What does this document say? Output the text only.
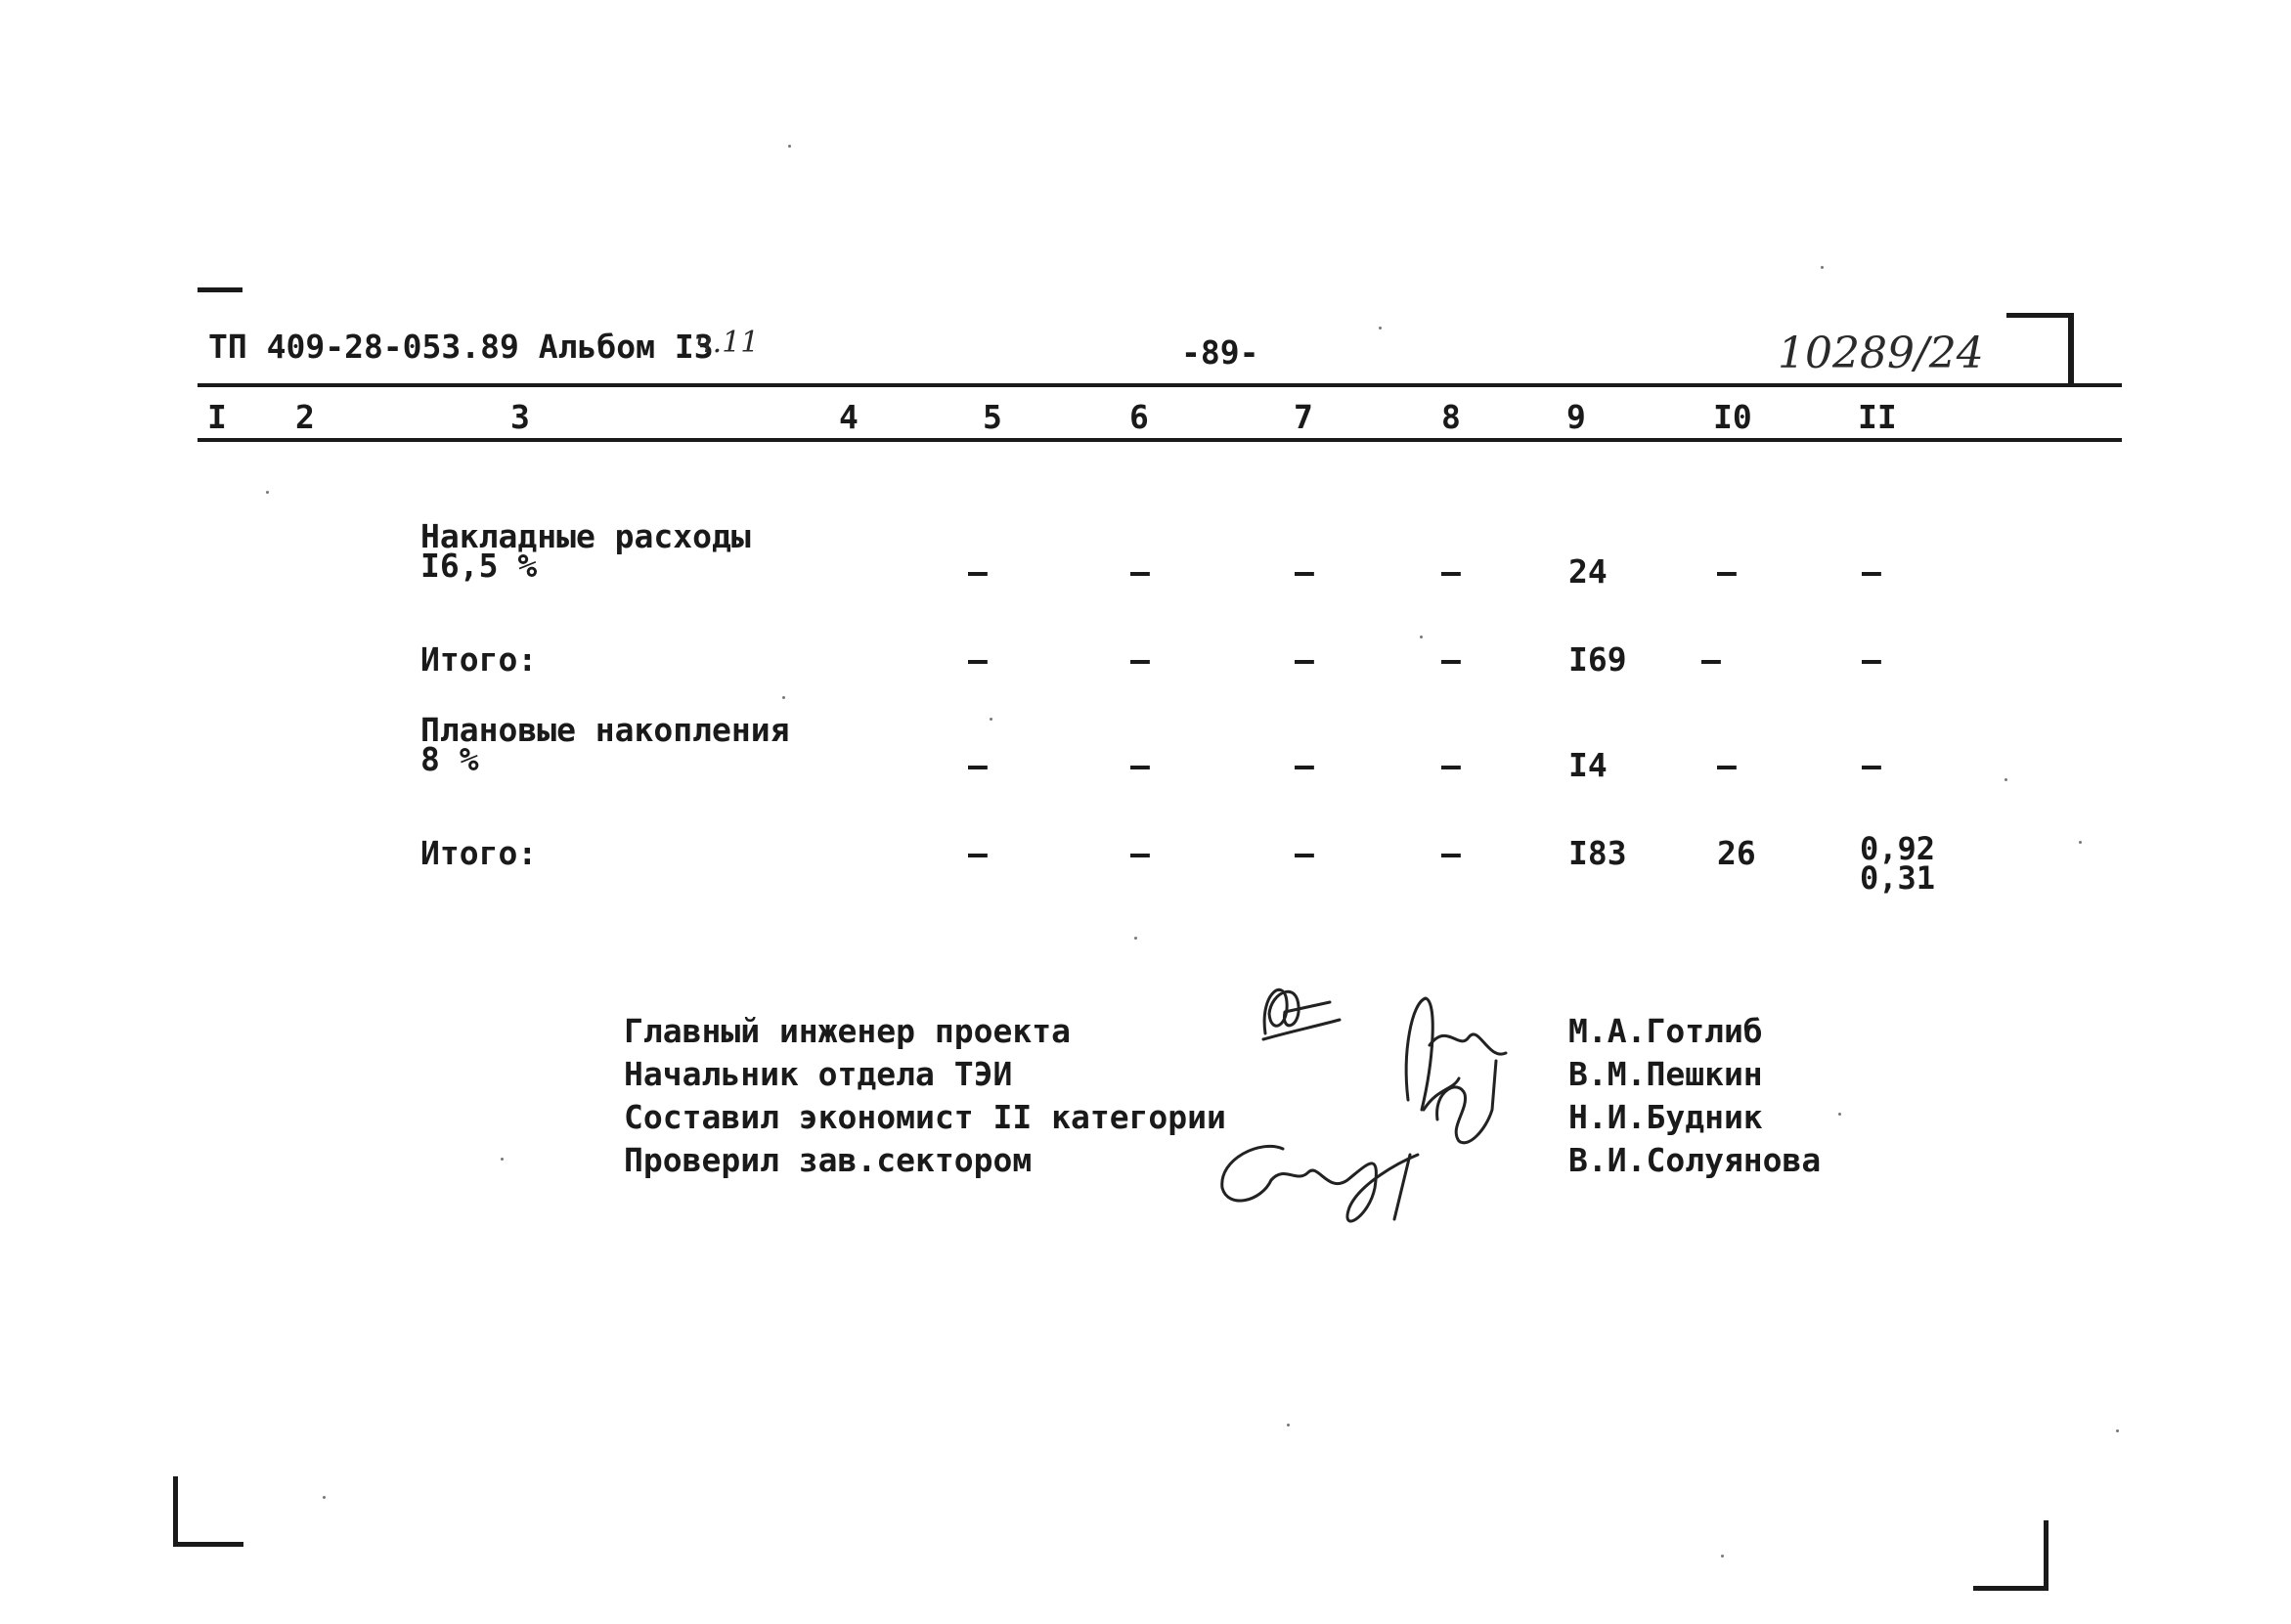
ТП 409-28-053.89 Альбом I3
ч.11	-89-	10289/24
I 2	3	4	5	6	7	8	9	I0	II
Накладные расходы
I6,5 %	–	–	–	–	24	–	–
Итого:	–	–	–	–	I69 –	–
Плановые накопления
8 %	–	–	–	–	I4	–	–
Итого:	–	–	–	–	I83	26	0,92
0,31
Главный инженер проекта
Начальник отдела ТЭИ
Составил экономист II категории
Проверил зав.сектором
М.А.Готлиб
В.М.Пешкин
Н.И.Будник
В.И.Солуянова
